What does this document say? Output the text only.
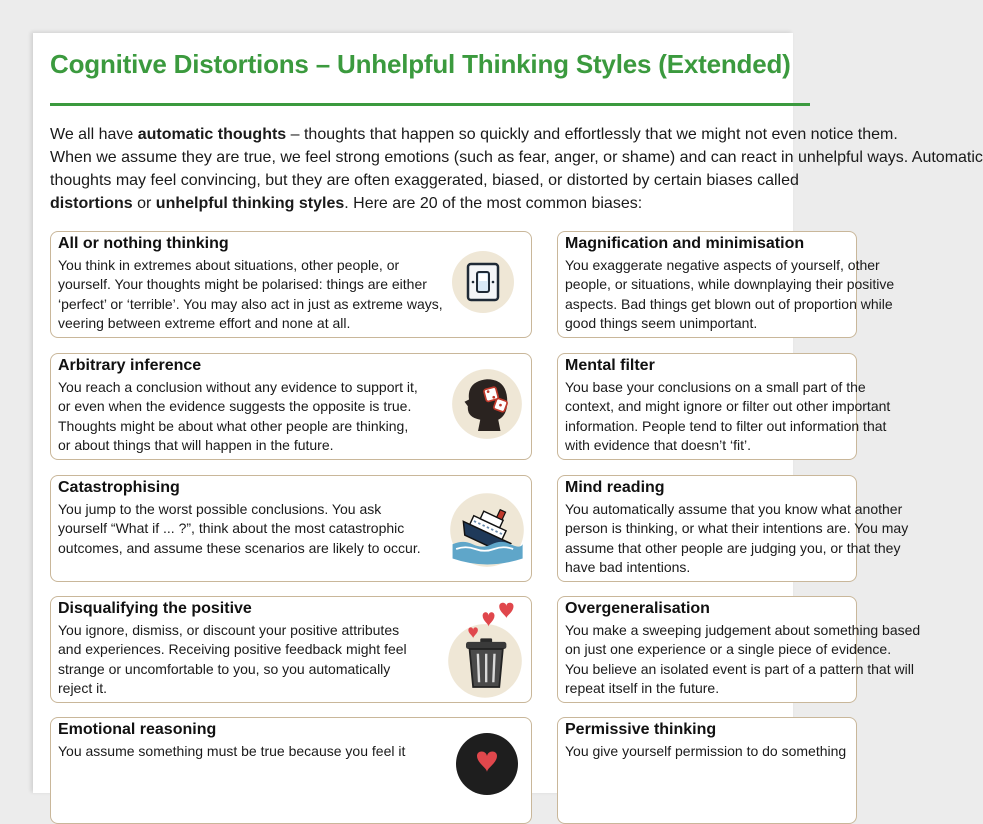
Cognitive Distortions – Unhelpful Thinking Styles (Extended)
We all have automatic thoughts – thoughts that happen so quickly and effortlessly that we might not even notice them.
When we assume they are true, we feel strong emotions (such as fear, anger, or shame) and can react in unhelpful ways. Automatic
thoughts may feel convincing, but they are often exaggerated, biased, or distorted by certain biases called
distortions or unhelpful thinking styles. Here are 20 of the most common biases:
All or nothing thinking
You think in extremes about situations, other people, or
yourself. Your thoughts might be polarised: things are either
‘perfect’ or ‘terrible’. You may also act in just as extreme ways,
veering between extreme effort and none at all.
Arbitrary inference
You reach a conclusion without any evidence to support it,
or even when the evidence suggests the opposite is true.
Thoughts might be about what other people are thinking,
or about things that will happen in the future.
Catastrophising
You jump to the worst possible conclusions. You ask
yourself “What if ... ?”, think about the most catastrophic
outcomes, and assume these scenarios are likely to occur.
Disqualifying the positive
You ignore, dismiss, or discount your positive attributes
and experiences. Receiving positive feedback might feel
strange or uncomfortable to you, so you automatically
reject it.
Emotional reasoning
You assume something must be true because you feel it
Magnification and minimisation
You exaggerate negative aspects of yourself, other
people, or situations, while downplaying their positive
aspects. Bad things get blown out of proportion while
good things seem unimportant.
Mental filter
You base your conclusions on a small part of the
context, and might ignore or filter out other important
information. People tend to filter out information that
with evidence that doesn’t ‘fit’.
Mind reading
You automatically assume that you know what another
person is thinking, or what their intentions are. You may
assume that other people are judging you, or that they
have bad intentions.
Overgeneralisation
You make a sweeping judgement about something based
on just one experience or a single piece of evidence.
You believe an isolated event is part of a pattern that will
repeat itself in the future.
Permissive thinking
You give yourself permission to do something
